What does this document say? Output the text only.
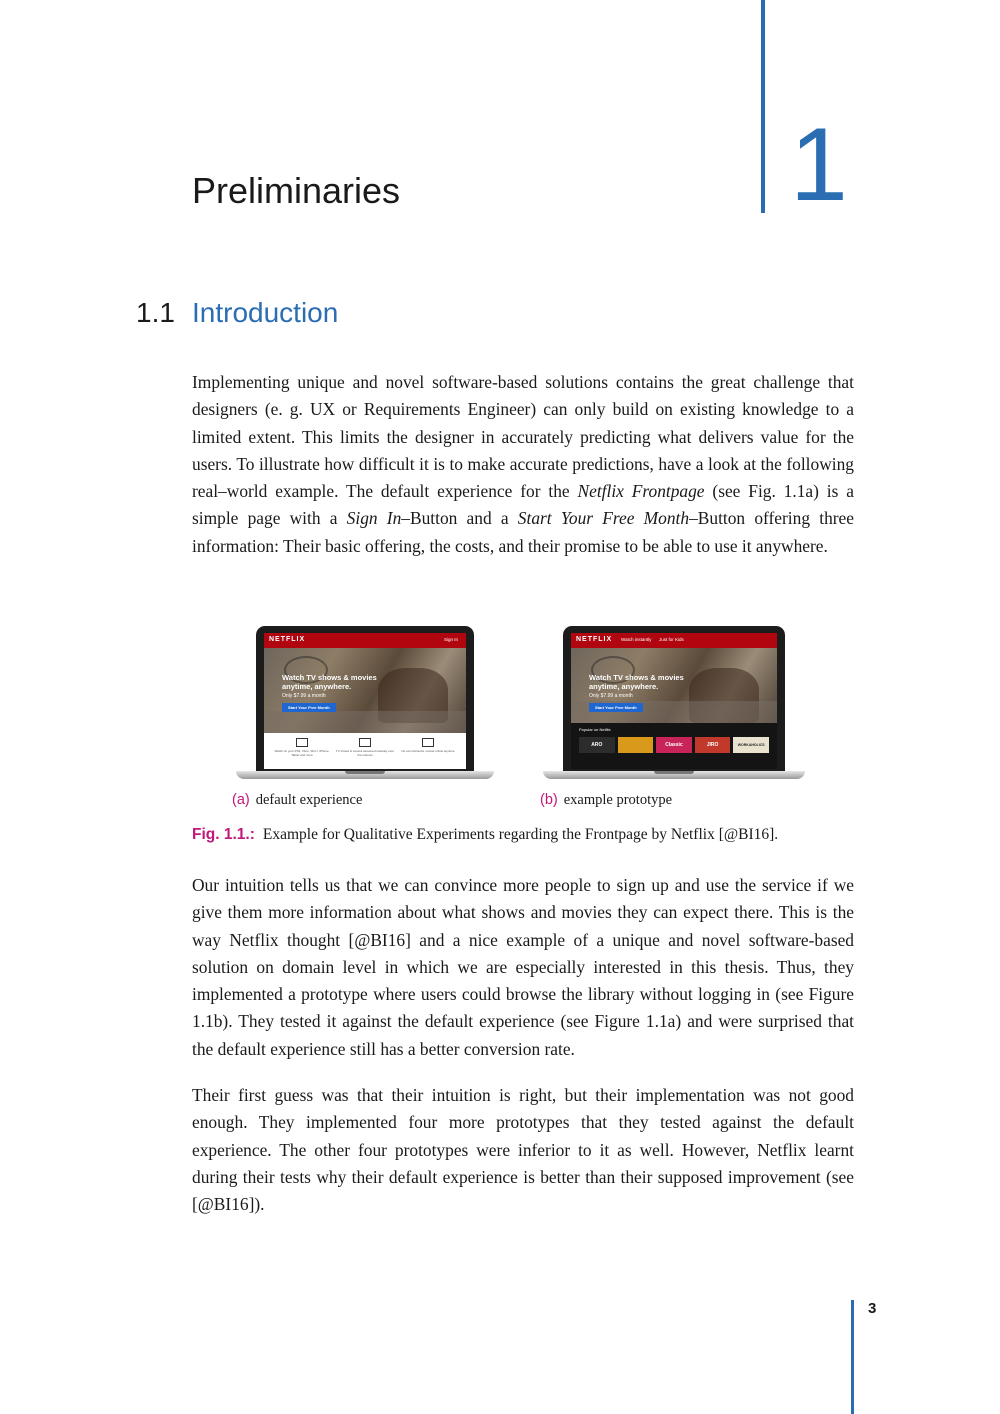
1
Preliminaries
1.1 Introduction

Implementing unique and novel software-based solutions contains the great challenge that designers (e. g. UX or Requirements Engineer) can only build on existing knowledge to a limited extent. This limits the designer in accurately predicting what delivers value for the users. To illustrate how difficult it is to make accurate predictions, have a look at the following real–world example. The default experience for the Netflix Frontpage (see Fig. 1.1a) is a simple page with a Sign In–Button and a Start Your Free Month–Button offering three information: Their basic offering, the costs, and their promise to be able to use it anywhere.

NETFLIX	Sign In
Watch TV shows & movies anytime, anywhere.
Only $7.99 a month
Start Your Free Month
Watch on your PS4, Xbox, Wii U, iPhone, Tablet and more
TV shows & movies streamed instantly over the internet
No commitments, cancel online anytime
(a) default experience
NETFLIX Watch instantly Just for Kids
Watch TV shows & movies anytime, anywhere.
Only $7.99 a month
Start Your Free Month
Popular on Netflix
ARO	Classic	JIRO	WORKAHOLICS
(b) example prototype
Fig. 1.1.: Example for Qualitative Experiments regarding the Frontpage by Netflix [@BI16].

Our intuition tells us that we can convince more people to sign up and use the service if we give them more information about what shows and movies they can expect there. This is the way Netflix thought [@BI16] and a nice example of a unique and novel software-based solution on domain level in which we are especially interested in this thesis. Thus, they implemented a prototype where users could browse the library without logging in (see Figure 1.1b). They tested it against the default experience (see Figure 1.1a) and were surprised that the default experience still has a better conversion rate.

Their first guess was that their intuition is right, but their implementation was not good enough. They implemented four more prototypes that they tested against the default experience. The other four prototypes were inferior to it as well. However, Netflix learnt during their tests why their default experience is better than their supposed improvement (see [@BI16]).

3
